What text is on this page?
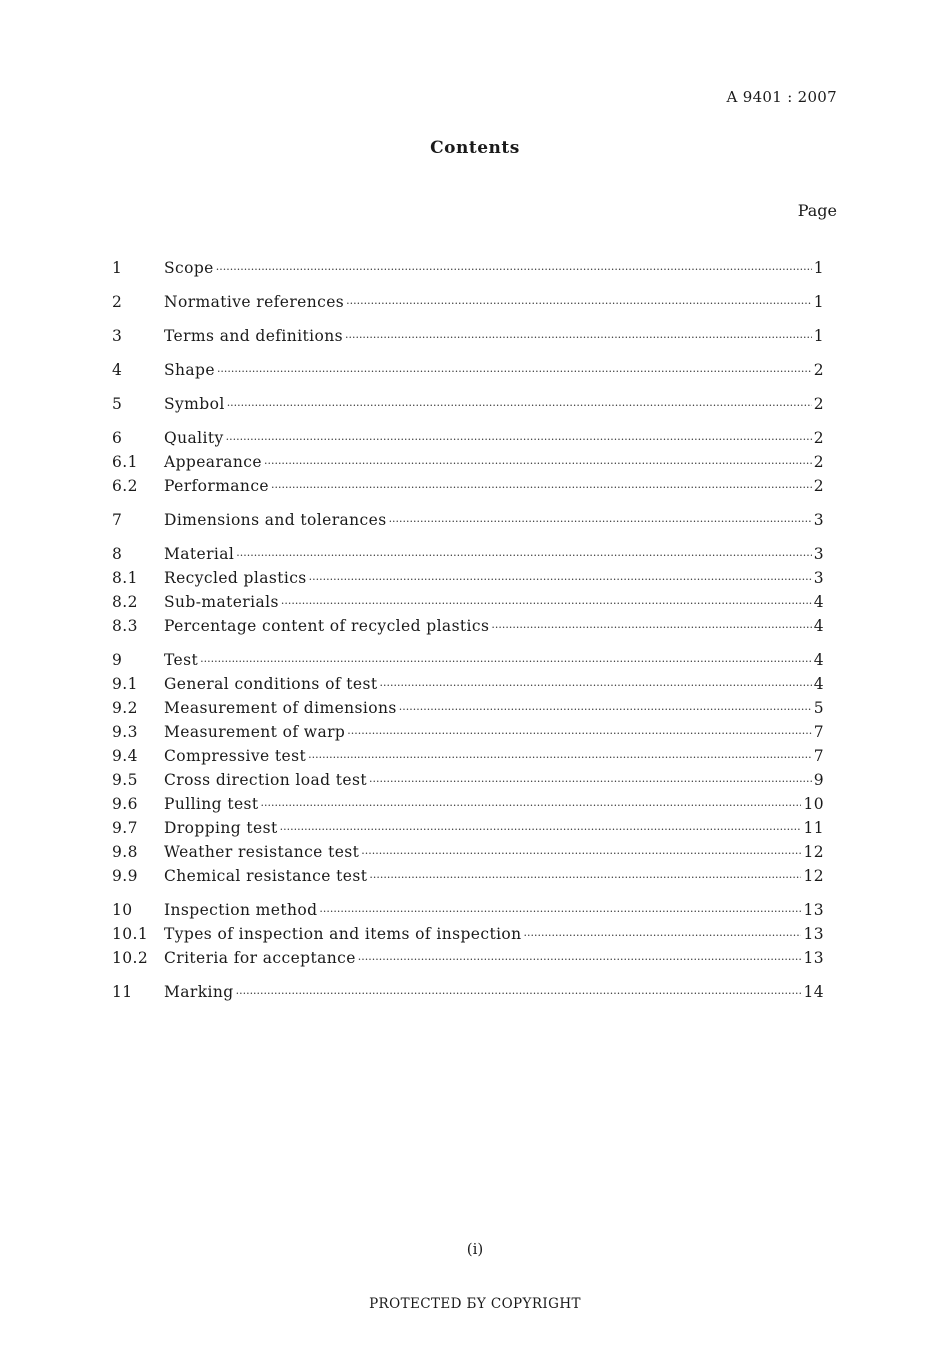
A 9401 : 2007
Contents
Page
1	Scope ·····	1
2	Normative references ·····	1
3	Terms and definitions ·····	1
4	Shape ·····	2
5	Symbol ·····	2
6	Quality ·····	2
6.1	Appearance ·····	2
6.2	Performance ·····	2
7	Dimensions and tolerances ·····	3
8	Material ·····	3
8.1	Recycled plastics ·····	3
8.2	Sub-materials ·····	4
8.3	Percentage content of recycled plastics ·····	4
9	Test ·····	4
9.1	General conditions of test ·····	4
9.2	Measurement of dimensions ·····	5
9.3	Measurement of warp ·····	7
9.4	Compressive test ·····	7
9.5	Cross direction load test ·····	9
9.6	Pulling test ·····	10
9.7	Dropping test ·····	11
9.8	Weather resistance test ·····	12
9.9	Chemical resistance test ·····	12
10	Inspection method ·····	13
10.1	Types of inspection and items of inspection ·····	13
10.2	Criteria for acceptance ·····	13
11	Marking ·····	14
(i)
PROTECTED БY COPYRIGHT
